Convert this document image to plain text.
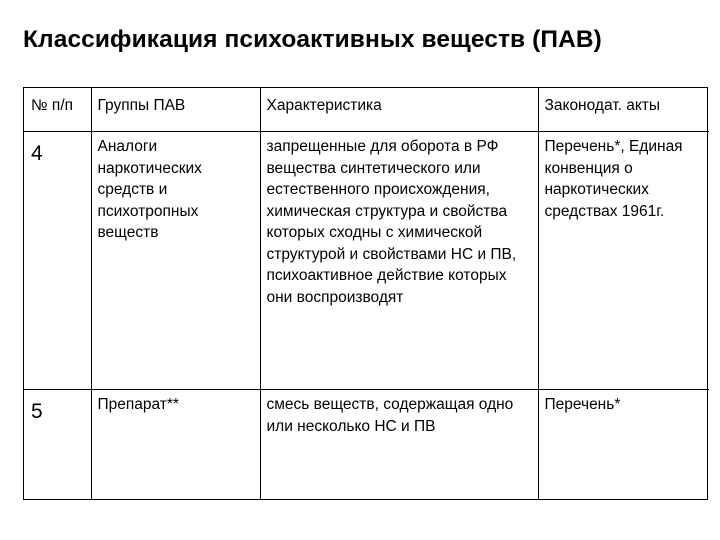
Классификация психоактивных веществ (ПАВ)
№ п/п	Группы ПАВ	Характеристика	Законодат. акты

4	Аналоги наркотических средств и психотропных веществ	запрещенные для оборота в РФ вещества синтетического или естественного происхождения, химическая структура и свойства которых сходны с химической структурой и свойствами НС и ПВ, психоактивное действие которых они воспроизводят	Перечень*, Единая конвенция о наркотических средствах 1961г.

5	Препарат**	смесь веществ, содержащая одно или несколько НС и ПВ	Перечень*
